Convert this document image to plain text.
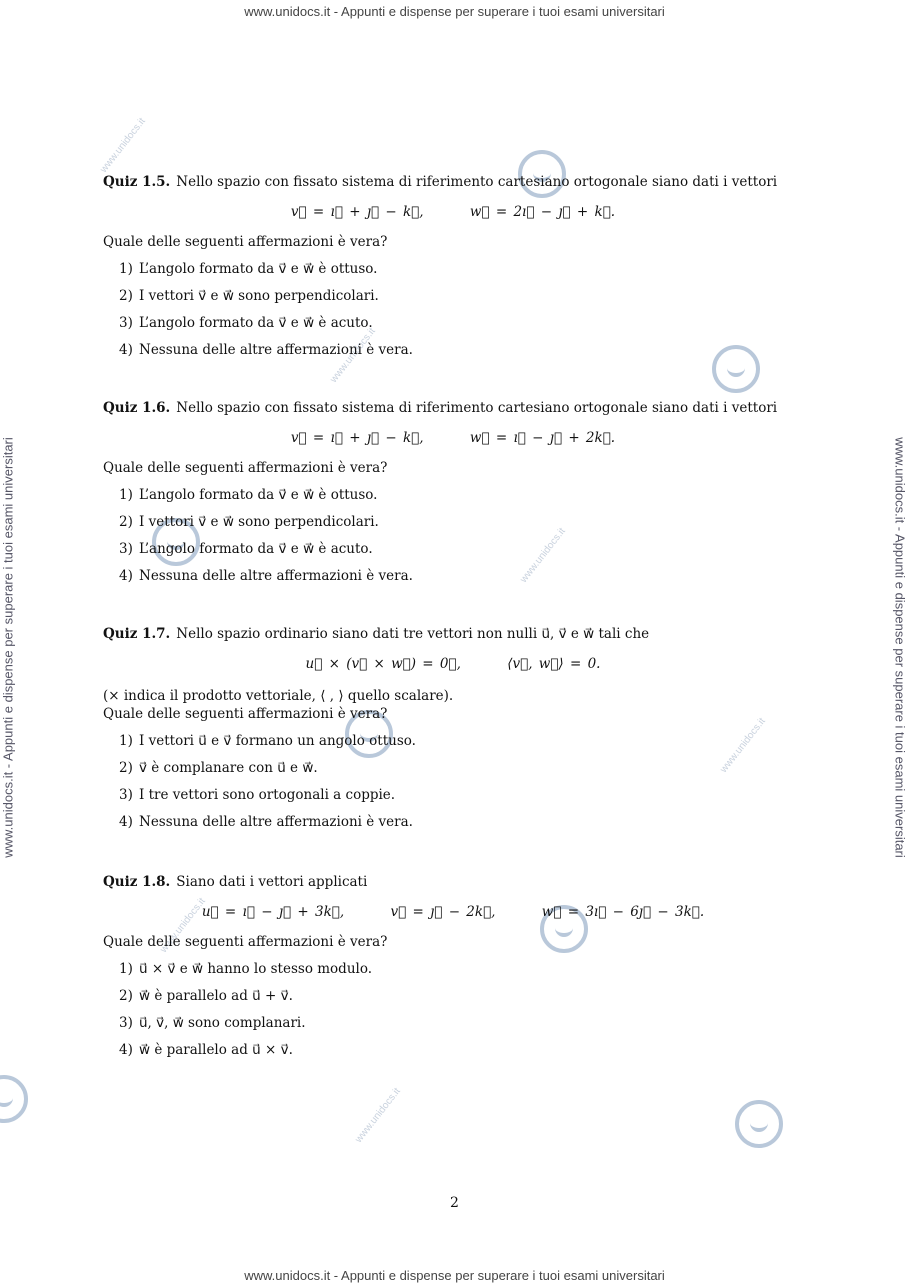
www.unidocs.it - Appunti e dispense per superare i tuoi esami universitari
www.unidocs.it - Appunti e dispense per superare i tuoi esami universitari
www.unidocs.it - Appunti e dispense per superare i tuoi esami universitari	www.unidocs.it - Appunti e dispense per superare i tuoi esami universitari
www.unidocs.it
www.unidocs.it
www.unidocs.it
www.unidocs.it
www.unidocs.it
www.unidocs.it
Quiz 1.5. Nello spazio con fissato sistema di riferimento cartesiano ortogonale siano dati i vettori
v⃗ = ı⃗ + ȷ⃗ − k⃗,	w⃗ = 2ı⃗ − ȷ⃗ + k⃗.
Quale delle seguenti affermazioni è vera?
1) L’angolo formato da v⃗ e w⃗ è ottuso.
2) I vettori v⃗ e w⃗ sono perpendicolari.
3) L’angolo formato da v⃗ e w⃗ è acuto.
4) Nessuna delle altre affermazioni è vera.
Quiz 1.6. Nello spazio con fissato sistema di riferimento cartesiano ortogonale siano dati i vettori
v⃗ = ı⃗ + ȷ⃗ − k⃗,	w⃗ = ı⃗ − ȷ⃗ + 2k⃗.
Quale delle seguenti affermazioni è vera?
1) L’angolo formato da v⃗ e w⃗ è ottuso.
2) I vettori v⃗ e w⃗ sono perpendicolari.
3) L’angolo formato da v⃗ e w⃗ è acuto.
4) Nessuna delle altre affermazioni è vera.
Quiz 1.7. Nello spazio ordinario siano dati tre vettori non nulli u⃗, v⃗ e w⃗ tali che
u⃗ × (v⃗ × w⃗) = 0⃗,	⟨v⃗, w⃗⟩ = 0.
(× indica il prodotto vettoriale, ⟨ , ⟩ quello scalare).
Quale delle seguenti affermazioni è vera?
1) I vettori u⃗ e v⃗ formano un angolo ottuso.
2) v⃗ è complanare con u⃗ e w⃗.
3) I tre vettori sono ortogonali a coppie.
4) Nessuna delle altre affermazioni è vera.
Quiz 1.8. Siano dati i vettori applicati
u⃗ = ı⃗ − ȷ⃗ + 3k⃗,	v⃗ = ȷ⃗ − 2k⃗,	w⃗ = 3ı⃗ − 6ȷ⃗ − 3k⃗.
Quale delle seguenti affermazioni è vera?
1) u⃗ × v⃗ e w⃗ hanno lo stesso modulo.
2) w⃗ è parallelo ad u⃗ + v⃗.
3) u⃗, v⃗, w⃗ sono complanari.
4) w⃗ è parallelo ad u⃗ × v⃗.
2
